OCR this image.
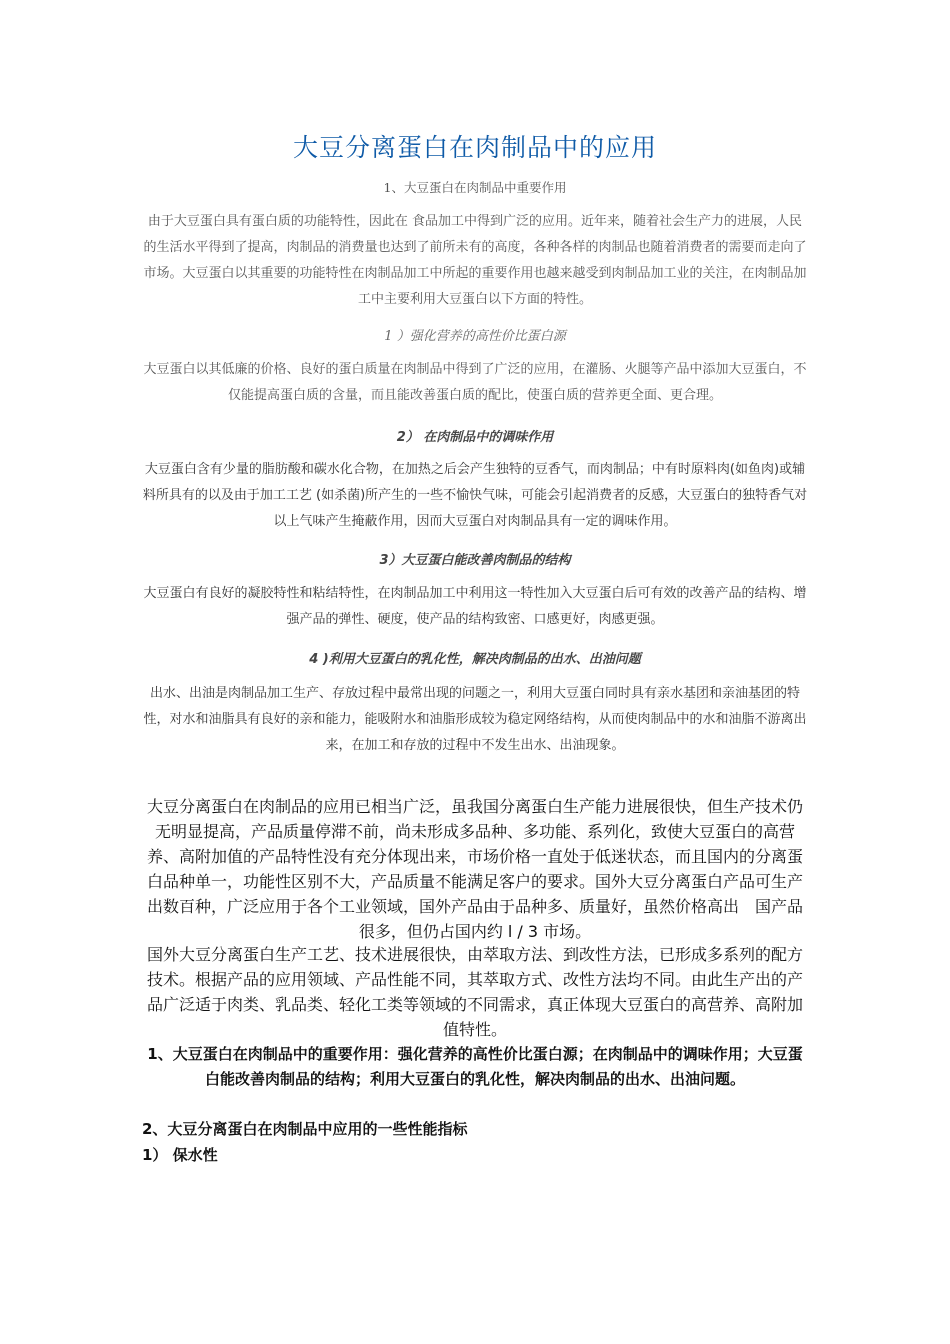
大豆分离蛋白在肉制品中的应用
1、大豆蛋白在肉制品中重要作用
由于大豆蛋白具有蛋白质的功能特性，因此在 食品加工中得到广泛的应用。近年来，随着社会生产力的进展，人民的生活水平得到了提高，肉制品的消费量也达到了前所未有的高度，各种各样的肉制品也随着消费者的需要而走向了市场。大豆蛋白以其重要的功能特性在肉制品加工中所起的重要作用也越来越受到肉制品加工业的关注，在肉制品加工中主要利用大豆蛋白以下方面的特性。
1 ）强化营养的高性价比蛋白源
大豆蛋白以其低廉的价格、良好的蛋白质量在肉制品中得到了广泛的应用，在灌肠、火腿等产品中添加大豆蛋白，不仅能提高蛋白质的含量，而且能改善蛋白质的配比，使蛋白质的营养更全面、更合理。
2） 在肉制品中的调味作用
大豆蛋白含有少量的脂肪酸和碳水化合物，在加热之后会产生独特的豆香气，而肉制品；中有时原料肉(如鱼肉)或辅料所具有的以及由于加工工艺 (如杀菌)所产生的一些不愉快气味，可能会引起消费者的反感，大豆蛋白的独特香气对以上气味产生掩蔽作用，因而大豆蛋白对肉制品具有一定的调味作用。
3）大豆蛋白能改善肉制品的结构
大豆蛋白有良好的凝胶特性和粘结特性，在肉制品加工中利用这一特性加入大豆蛋白后可有效的改善产品的结构、增强产品的弹性、硬度，使产品的结构致密、口感更好，肉感更强。
4 )利用大豆蛋白的乳化性，解决肉制品的出水、出油问题
出水、出油是肉制品加工生产、存放过程中最常出现的问题之一，利用大豆蛋白同时具有亲水基团和亲油基团的特性，对水和油脂具有良好的亲和能力，能吸附水和油脂形成较为稳定网络结构，从而使肉制品中的水和油脂不游离出来，在加工和存放的过程中不发生出水、出油现象。
大豆分离蛋白在肉制品的应用已相当广泛，虽我国分离蛋白生产能力进展很快，但生产技术仍无明显提高，产品质量停滞不前，尚未形成多品种、多功能、系列化，致使大豆蛋白的高营养、高附加值的产品特性没有充分体现出来，市场价格一直处于低迷状态，而且国内的分离蛋白品种单一，功能性区别不大，产品质量不能满足客户的要求。国外大豆分离蛋白产品可生产出数百种，广泛应用于各个工业领域，国外产品由于品种多、质量好，虽然价格高出　国产品很多，但仍占国内约 l / 3 市场。
国外大豆分离蛋白生产工艺、技术进展很快，由萃取方法、到改性方法，已形成多系列的配方技术。根据产品的应用领域、产品性能不同，其萃取方式、改性方法均不同。由此生产出的产品广泛适于肉类、乳品类、轻化工类等领域的不同需求，真正体现大豆蛋白的高营养、高附加值特性。
1、大豆蛋白在肉制品中的重要作用：强化营养的高性价比蛋白源；在肉制品中的调味作用；大豆蛋白能改善肉制品的结构；利用大豆蛋白的乳化性，解决肉制品的出水、出油问题。
2、大豆分离蛋白在肉制品中应用的一些性能指标
1） 保水性
